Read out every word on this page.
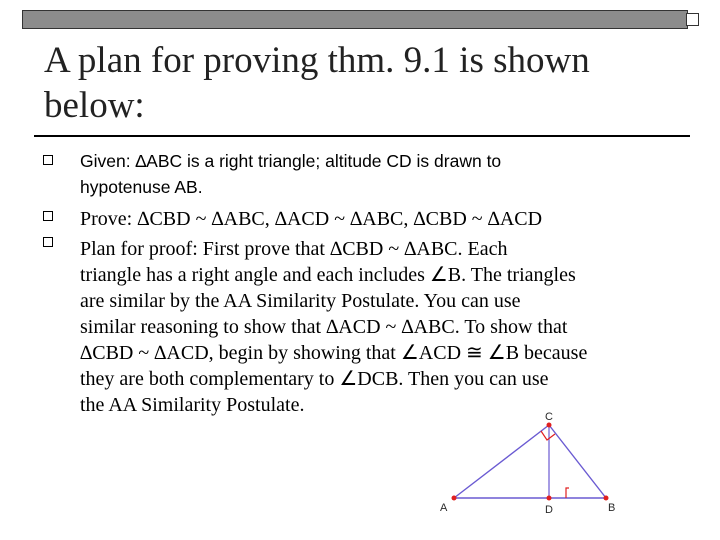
A plan for proving thm. 9.1 is shown below:
Given: ∆ABC is a right triangle; altitude CD is drawn to
hypotenuse AB.
Prove: ∆CBD ~ ∆ABC, ∆ACD ~ ∆ABC, ∆CBD ~ ∆ACD
Plan for proof: First prove that ∆CBD ~ ∆ABC. Each
triangle has a right angle and each includes ∠B. The triangles
are similar by the AA Similarity Postulate. You can use
similar reasoning to show that ∆ACD ~ ∆ABC. To show that
∆CBD ~ ∆ACD, begin by showing that ∠ACD ≅ ∠B because
they are both complementary to ∠DCB. Then you can use
the AA Similarity Postulate.
A
C
B
D
